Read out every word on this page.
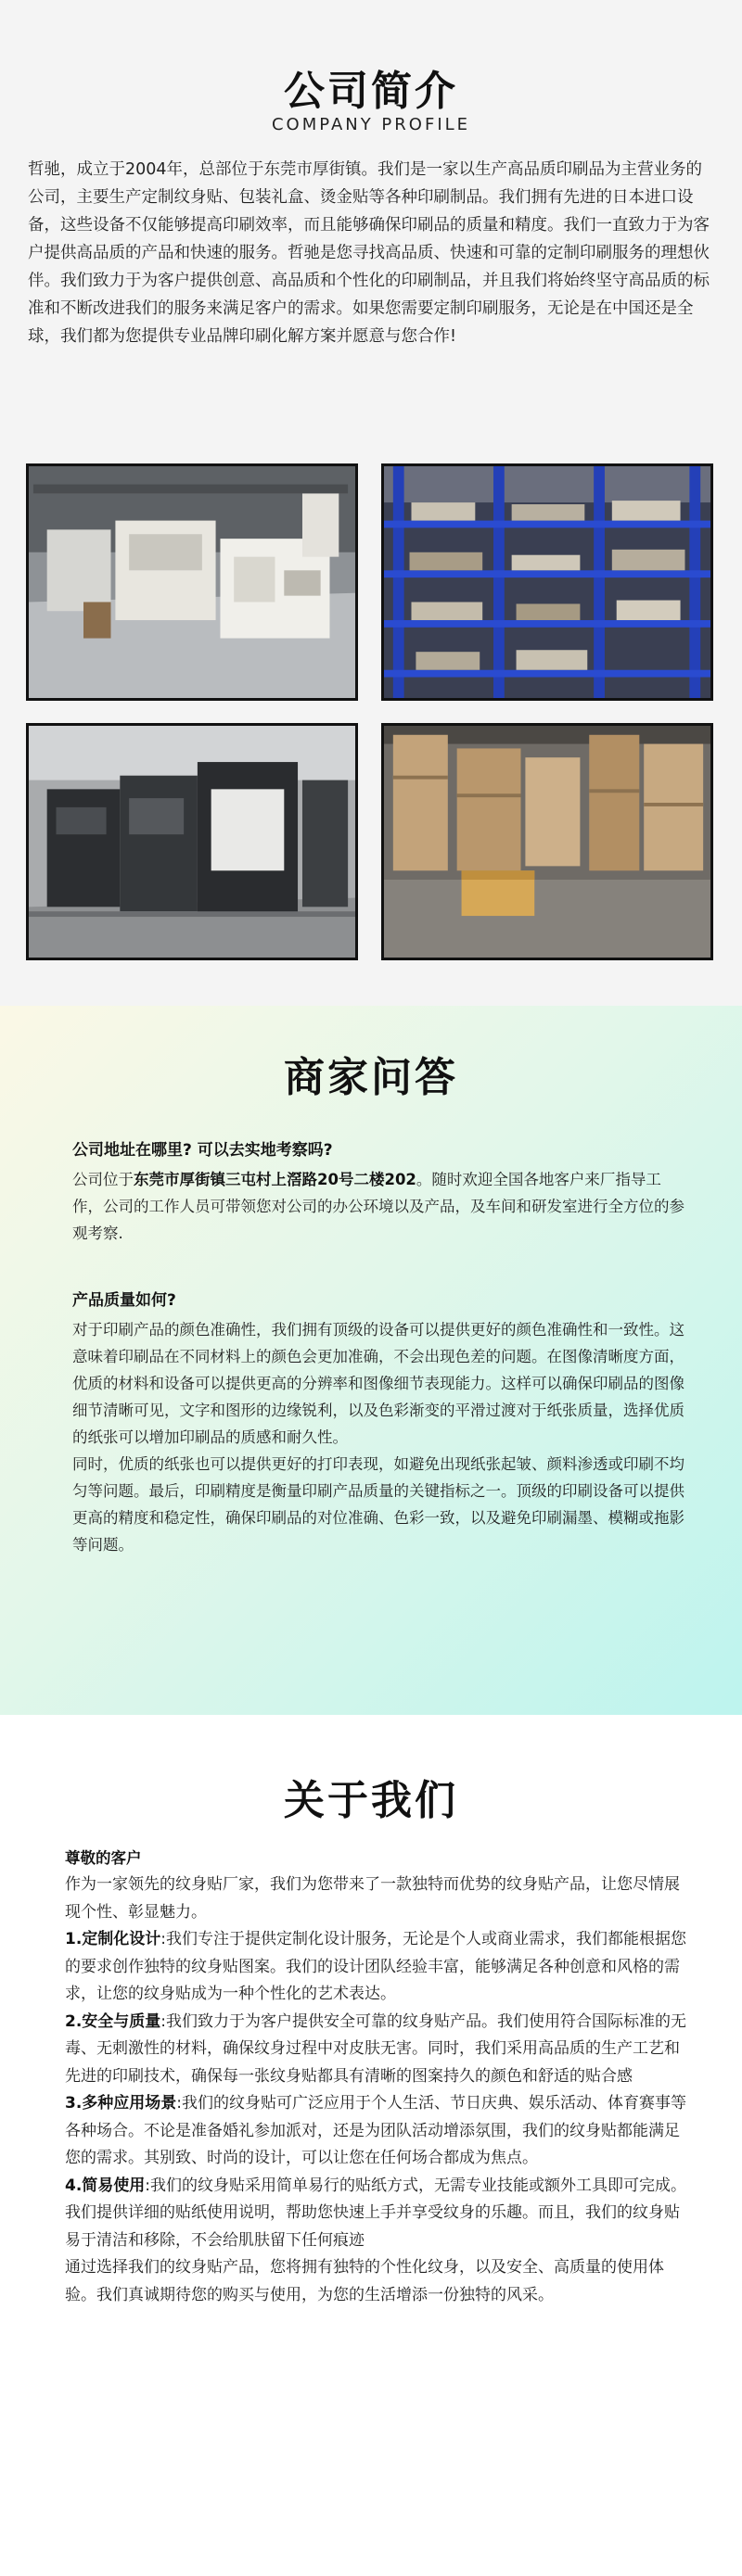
公司简介
COMPANY PROFILE

哲驰，成立于2004年，总部位于东莞市厚街镇。我们是一家以生产高品质印刷品为主营业务的公司，主要生产定制纹身贴、包装礼盒、烫金贴等各种印刷制品。我们拥有先进的日本进口设备，这些设备不仅能够提高印刷效率，而且能够确保印刷品的质量和精度。我们一直致力于为客户提供高品质的产品和快速的服务。哲驰是您寻找高品质、快速和可靠的定制印刷服务的理想伙伴。我们致力于为客户提供创意、高品质和个性化的印刷制品，并且我们将始终坚守高品质的标准和不断改进我们的服务来满足客户的需求。如果您需要定制印刷服务，无论是在中国还是全球，我们都为您提供专业品牌印刷化解方案并愿意与您合作!

商家问答

公司地址在哪里? 可以去实地考察吗?

公司位于东莞市厚街镇三屯村上滘路20号二楼202。随时欢迎全国各地客户来厂指导工作，公司的工作人员可带领您对公司的办公环境以及产品，及车间和研发室进行全方位的参观考察.

产品质量如何?

对于印刷产品的颜色准确性，我们拥有顶级的设备可以提供更好的颜色准确性和一致性。这意味着印刷品在不同材料上的颜色会更加准确，不会出现色差的问题。在图像清晰度方面，优质的材料和设备可以提供更高的分辨率和图像细节表现能力。这样可以确保印刷品的图像细节清晰可见，文字和图形的边缘锐利，以及色彩渐变的平滑过渡对于纸张质量，选择优质的纸张可以增加印刷品的质感和耐久性。

同时，优质的纸张也可以提供更好的打印表现，如避免出现纸张起皱、颜料渗透或印刷不均匀等问题。最后，印刷精度是衡量印刷产品质量的关键指标之一。顶级的印刷设备可以提供更高的精度和稳定性，确保印刷品的对位准确、色彩一致，以及避免印刷漏墨、模糊或拖影等问题。

关于我们

尊敬的客户

作为一家领先的纹身贴厂家，我们为您带来了一款独特而优势的纹身贴产品，让您尽情展现个性、彰显魅力。

1.定制化设计:我们专注于提供定制化设计服务，无论是个人或商业需求，我们都能根据您的要求创作独特的纹身贴图案。我们的设计团队经验丰富，能够满足各种创意和风格的需求，让您的纹身贴成为一种个性化的艺术表达。

2.安全与质量:我们致力于为客户提供安全可靠的纹身贴产品。我们使用符合国际标准的无毒、无刺激性的材料，确保纹身过程中对皮肤无害。同时，我们采用高品质的生产工艺和先进的印刷技术，确保每一张纹身贴都具有清晰的图案持久的颜色和舒适的贴合感

3.多种应用场景:我们的纹身贴可广泛应用于个人生活、节日庆典、娱乐活动、体育赛事等各种场合。不论是准备婚礼参加派对，还是为团队活动增添氛围，我们的纹身贴都能满足您的需求。其别致、时尚的设计，可以让您在任何场合都成为焦点。

4.简易使用:我们的纹身贴采用简单易行的贴纸方式，无需专业技能或额外工具即可完成。我们提供详细的贴纸使用说明，帮助您快速上手并享受纹身的乐趣。而且，我们的纹身贴易于清洁和移除，不会给肌肤留下任何痕迹

通过选择我们的纹身贴产品，您将拥有独特的个性化纹身，以及安全、高质量的使用体验。我们真诚期待您的购买与使用，为您的生活增添一份独特的风采。
